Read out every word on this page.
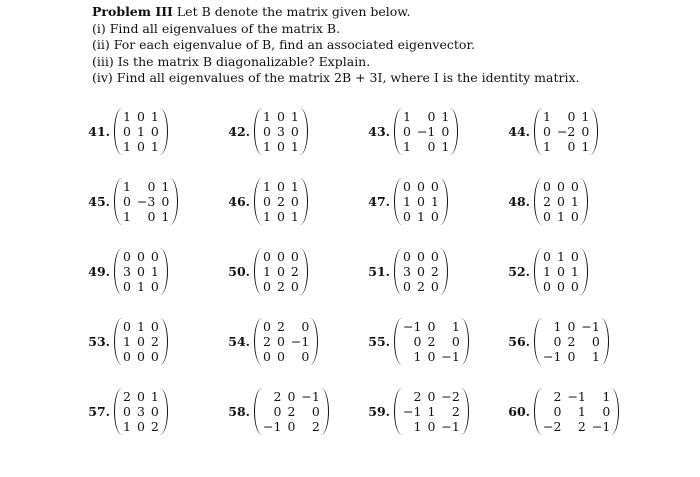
Problem III Let B denote the matrix given below.

(i) Find all eigenvalues of the matrix B.

(ii) For each eigenvalue of B, find an associated eigenvector.

(iii) Is the matrix B diagonalizable? Explain.

(iv) Find all eigenvalues of the matrix 2B + 3I, where I is the identity matrix.

41.
1	0	1
0	1	0
1	0	1
42.
1	0	1
0	3	0
1	0	1
43.
1	0	1
0	−1	0
1	0	1
44.
1	0	1
0	−2	0
1	0	1
45.
1	0	1
0	−3	0
1	0	1
46.
1	0	1
0	2	0
1	0	1
47.
0	0	0
1	0	1
0	1	0
48.
0	0	0
2	0	1
0	1	0
49.
0	0	0
3	0	1
0	1	0
50.
0	0	0
1	0	2
0	2	0
51.
0	0	0
3	0	2
0	2	0
52.
0	1	0
1	0	1
0	0	0
53.
0	1	0
1	0	2
0	0	0
54.
0	2	0
2	0	−1
0	0	0
55.
−1	0	1
0	2	0
1	0	−1
56.
1	0	−1
0	2	0
−1	0	1
57.
2	0	1
0	3	0
1	0	2
58.
2	0	−1
0	2	0
−1	0	2
59.
2	0	−2
−1	1	2
1	0	−1
60.
2	−1	1
0	1	0
−2	2	−1
